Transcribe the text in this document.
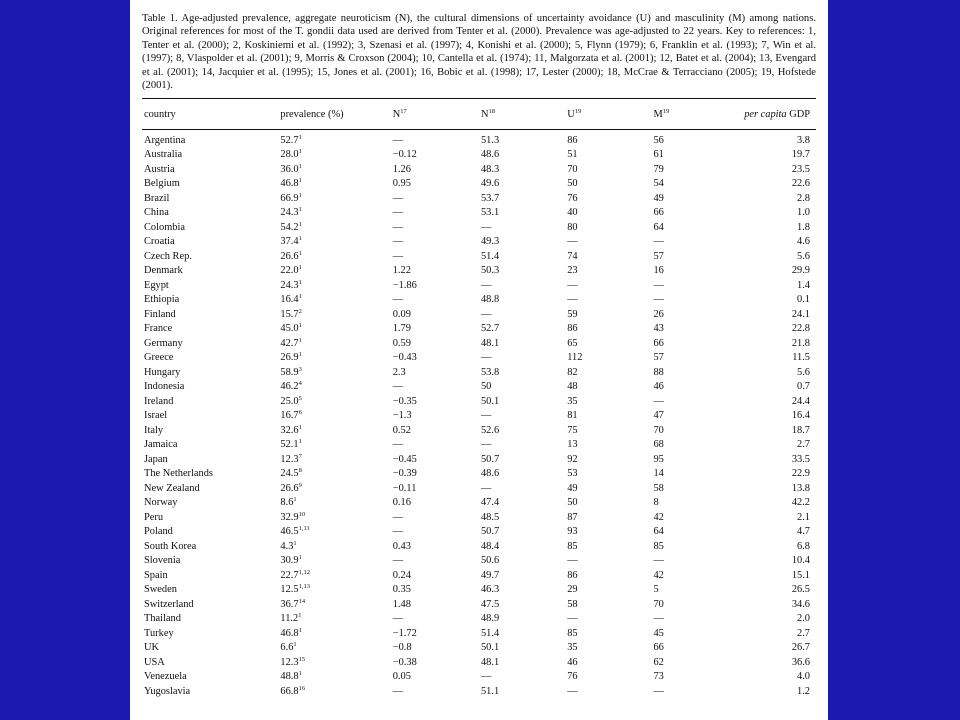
Table 1. Age-adjusted prevalence, aggregate neuroticism (N), the cultural dimensions of uncertainty avoidance (U) and masculinity (M) among nations. Original references for most of the T. gondii data used are derived from Tenter et al. (2000). Prevalence was age-adjusted to 22 years. Key to references: 1, Tenter et al. (2000); 2, Koskiniemi et al. (1992); 3, Szenasi et al. (1997); 4, Konishi et al. (2000); 5, Flynn (1979); 6, Franklin et al. (1993); 7, Win et al. (1997); 8, Vlaspolder et al. (2001); 9, Morris & Croxson (2004); 10, Cantella et al. (1974); 11, Malgorzata et al. (2001); 12, Batet et al. (2004); 13, Evengard et al. (2001); 14, Jacquier et al. (1995); 15, Jones et al. (2001); 16, Bobic et al. (1998); 17, Lester (2000); 18, McCrae & Terracciano (2005); 19, Hofstede (2001).

country	prevalence (%)	$N^{17}$	$N^{18}$	$U^{19}$	$M^{19}$	per capita GDP
Argentina	52.7$^1$	—	51.3	86	56	3.8
Australia	$28.0^1$	−0.12	48.6	51	61	19.7
Austria	36.0$^1$	1.26	48.3	70	79	23.5
Belgium	46.8$^1$	0.95	49.6	50	54	22.6
Brazil	66.9$^1$	—	53.7	76	49	2.8
China	24.3$^1$	—	53.1	40	66	1.0
Colombia	54.2$^1$	—	—	80	64	1.8
Croatia	37.4$^1$	—	49.3	—	—	4.6
Czech Rep.	26.6$^1$	—	51.4	74	57	5.6
Denmark	22.0$^1$	1.22	50.3	23	16	29.9
Egypt	$24.3^1$	−1.86	—	—	—	1.4
Ethiopia	16.4$^1$	—	48.8	—	—	0.1
Finland	15.7$^2$	0.09	—	59	26	24.1
France	45.0$^1$	1.79	52.7	86	43	22.8
Germany	42.7$^1$	0.59	48.1	65	66	21.8
Greece	$26.9^1$	−0.43	—	112	57	11.5
Hungary	58.9$^3$	2.3	53.8	82	88	5.6
Indonesia	46.2$^4$	—	50	48	46	0.7
Ireland	$25.0^5$	−0.35	50.1	35	—	24.4
Israel	$16.7^6$	−1.3	—	81	47	16.4
Italy	32.6$^1$	0.52	52.6	75	70	18.7
Jamaica	52.1$^1$	—	—	13	68	2.7
Japan	$12.3^7$	−0.45	50.7	92	95	33.5
The Netherlands	$24.5^8$	−0.39	48.6	53	14	22.9
New Zealand	$26.6^9$	−0.11	—	49	58	13.8
Norway	$8.6^1$	0.16	47.4	50	8	42.2
Peru	32.9$^{10}$	—	48.5	87	42	2.1
Poland	46.5$^{1,11}$	—	50.7	93	64	4.7
South Korea	$4.3^1$	0.43	48.4	85	85	6.8
Slovenia	30.9$^1$	—	50.6	—	—	10.4
Spain	22.7$^{1,12}$	0.24	49.7	86	42	15.1
Sweden	12.5$^{1,13}$	0.35	46.3	29	5	26.5
Switzerland	36.7$^{14}$	1.48	47.5	58	70	34.6
Thailand	11.2$^1$	—	48.9	—	—	2.0
Turkey	$46.8^1$	−1.72	51.4	85	45	2.7
UK	$6.6^1$	−0.8	50.1	35	66	26.7
USA	$12.3^{15}$	−0.38	48.1	46	62	36.6
Venezuela	48.8$^1$	0.05	—	76	73	4.0
Yugoslavia	66.8$^{16}$	—	51.1	—	—	1.2
